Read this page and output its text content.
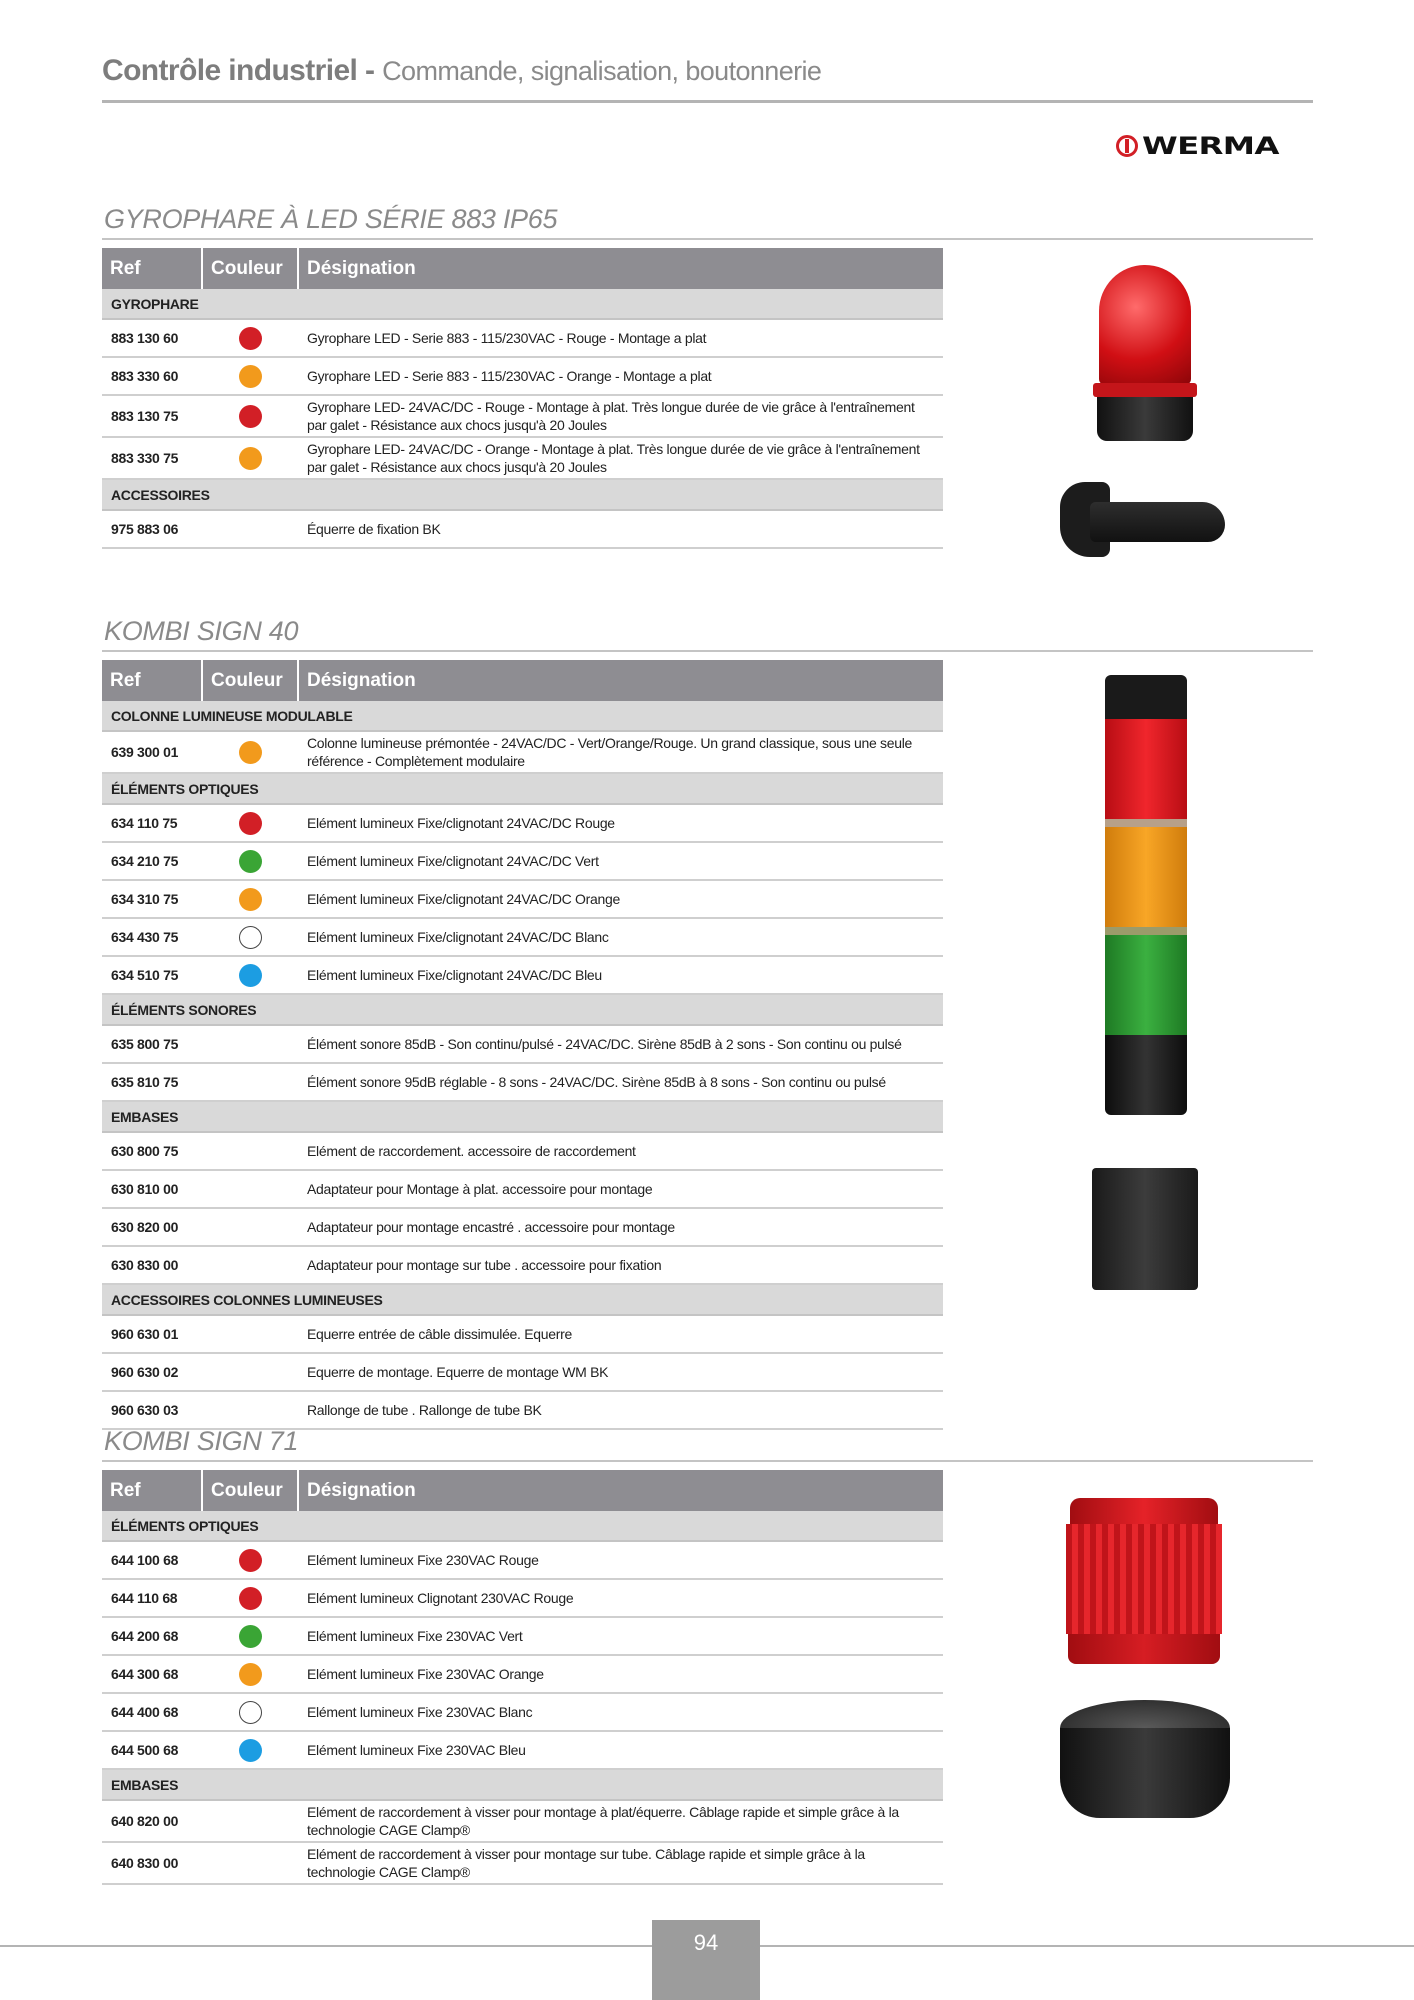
Contrôle industriel - Commande, signalisation, boutonnerie
WERMA
GYROPHARE À LED SÉRIE 883 IP65
Ref	Couleur	Désignation
GYROPHARE		
883 130 60		Gyrophare LED - Serie 883 - 115/230VAC - Rouge - Montage a plat
883 330 60		Gyrophare LED - Serie 883 - 115/230VAC - Orange - Montage a plat
883 130 75		Gyrophare LED- 24VAC/DC - Rouge - Montage à plat. Très longue durée de vie grâce à l'entraînement par galet - Résistance aux chocs jusqu'à 20 Joules
883 330 75		Gyrophare LED- 24VAC/DC - Orange - Montage à plat. Très longue durée de vie grâce à l'entraînement par galet - Résistance aux chocs jusqu'à 20 Joules
ACCESSOIRES		
975 883 06		Équerre de fixation BK
KOMBI SIGN 40
Ref	Couleur	Désignation
COLONNE LUMINEUSE MODULABLE		
639 300 01		Colonne lumineuse prémontée - 24VAC/DC - Vert/Orange/Rouge. Un grand classique, sous une seule référence - Complètement modulaire
ÉLÉMENTS OPTIQUES		
634 110 75		Elément lumineux Fixe/clignotant 24VAC/DC Rouge
634 210 75		Elément lumineux Fixe/clignotant 24VAC/DC Vert
634 310 75		Elément lumineux Fixe/clignotant 24VAC/DC Orange
634 430 75		Elément lumineux Fixe/clignotant 24VAC/DC Blanc
634 510 75		Elément lumineux Fixe/clignotant 24VAC/DC Bleu
ÉLÉMENTS SONORES		
635 800 75		Élément sonore 85dB - Son continu/pulsé - 24VAC/DC. Sirène 85dB à 2 sons - Son continu ou pulsé
635 810 75		Élément sonore 95dB réglable - 8 sons - 24VAC/DC. Sirène 85dB à 8 sons - Son continu ou pulsé
EMBASES		
630 800 75		Elément de raccordement. accessoire de raccordement
630 810 00		Adaptateur pour Montage à plat. accessoire pour montage
630 820 00		Adaptateur pour montage encastré . accessoire pour montage
630 830 00		Adaptateur pour montage sur tube . accessoire pour fixation
ACCESSOIRES COLONNES LUMINEUSES		
960 630 01		Equerre entrée de câble dissimulée. Equerre
960 630 02		Equerre de montage. Equerre de montage WM BK
960 630 03		Rallonge de tube . Rallonge de tube BK
KOMBI SIGN 71
Ref	Couleur	Désignation
ÉLÉMENTS OPTIQUES		
644 100 68		Elément lumineux Fixe 230VAC Rouge
644 110 68		Elément lumineux Clignotant 230VAC Rouge
644 200 68		Elément lumineux Fixe 230VAC Vert
644 300 68		Elément lumineux Fixe 230VAC Orange
644 400 68		Elément lumineux Fixe 230VAC Blanc
644 500 68		Elément lumineux Fixe 230VAC Bleu
EMBASES		
640 820 00		Elément de raccordement à visser pour montage à plat/équerre. Câblage rapide et simple grâce à la technologie CAGE Clamp®
640 830 00		Elément de raccordement à visser pour montage sur tube. Câblage rapide et simple grâce à la technologie CAGE Clamp®
94
